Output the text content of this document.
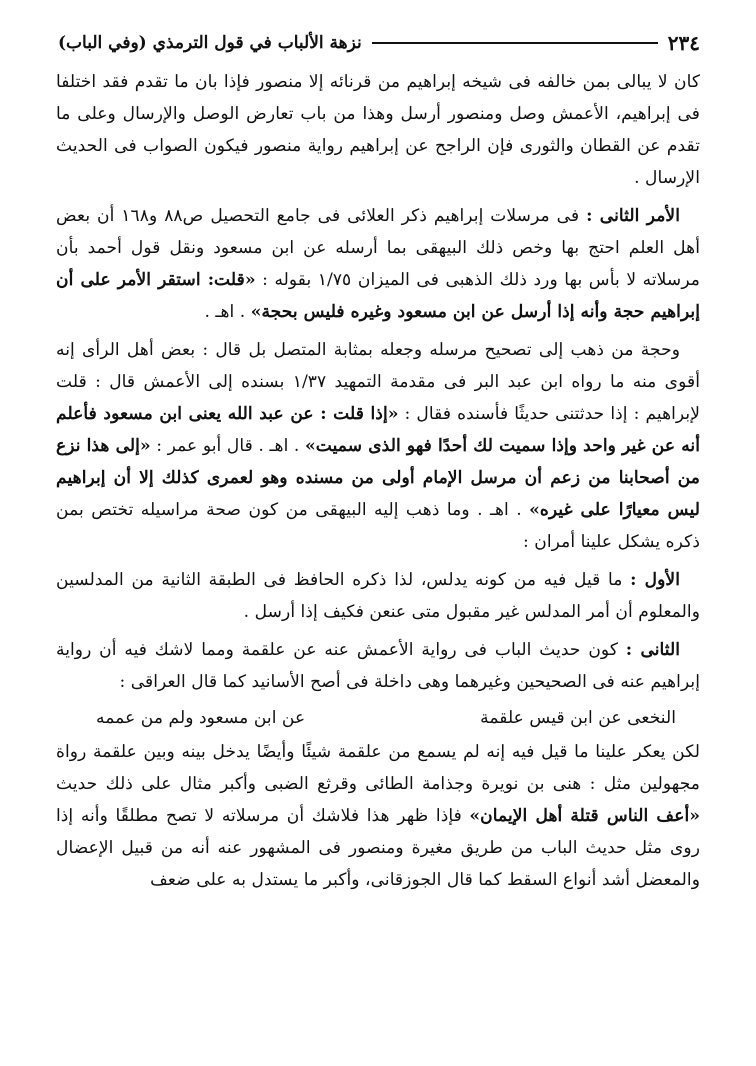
٢٣٤
نزهة الألباب في قول الترمذي (وفي الباب)

كان لا يبالى بمن خالفه فى شيخه إبراهيم من قرنائه إلا منصور فإذا بان ما تقدم فقد اختلفا فى إبراهيم، الأعمش وصل ومنصور أرسل وهذا من باب تعارض الوصل والإرسال وعلى ما تقدم عن القطان والثورى فإن الراجح عن إبراهيم رواية منصور فيكون الصواب فى الحديث الإرسال .

الأمر الثانى : فى مرسلات إبراهيم ذكر العلائى فى جامع التحصيل ص٨٨ و١٦٨ أن بعض أهل العلم احتج بها وخص ذلك البيهقى بما أرسله عن ابن مسعود ونقل قول أحمد بأن مرسلاته لا بأس بها ورد ذلك الذهبى فى الميزان ١/٧٥ بقوله : «قلت: استقر الأمر على أن إبراهيم حجة وأنه إذا أرسل عن ابن مسعود وغيره فليس بحجة» . اهـ .

وحجة من ذهب إلى تصحيح مرسله وجعله بمثابة المتصل بل قال : بعض أهل الرأى إنه أقوى منه ما رواه ابن عبد البر فى مقدمة التمهيد ١/٣٧ بسنده إلى الأعمش قال : قلت لإبراهيم : إذا حدثتنى حديثًا فأسنده فقال : «إذا قلت : عن عبد الله يعنى ابن مسعود فأعلم أنه عن غير واحد وإذا سميت لك أحدًا فهو الذى سميت» . اهـ . قال أبو عمر : «إلى هذا نزع من أصحابنا من زعم أن مرسل الإمام أولى من مسنده وهو لعمرى كذلك إلا أن إبراهيم ليس معيارًا على غيره» . اهـ . وما ذهب إليه البيهقى من كون صحة مراسيله تختص بمن ذكره يشكل علينا أمران :

الأول : ما قيل فيه من كونه يدلس، لذا ذكره الحافظ فى الطبقة الثانية من المدلسين والمعلوم أن أمر المدلس غير مقبول متى عنعن فكيف إذا أرسل .

الثانى : كون حديث الباب فى رواية الأعمش عنه عن علقمة ومما لاشك فيه أن رواية إبراهيم عنه فى الصحيحين وغيرهما وهى داخلة فى أصح الأسانيد كما قال العراقى :

النخعى عن ابن قيس علقمة
عن ابن مسعود ولم من عممه

لكن يعكر علينا ما قيل فيه إنه لم يسمع من علقمة شيئًا وأيضًا يدخل بينه وبين علقمة رواة مجهولين مثل : هنى بن نويرة وجذامة الطائى وقرثع الضبى وأكبر مثال على ذلك حديث «أعف الناس قتلة أهل الإيمان» فإذا ظهر هذا فلاشك أن مرسلاته لا تصح مطلقًا وأنه إذا روى مثل حديث الباب من طريق مغيرة ومنصور فى المشهور عنه أنه من قبيل الإعضال والمعضل أشد أنواع السقط كما قال الجوزقانى، وأكبر ما يستدل به على ضعف
